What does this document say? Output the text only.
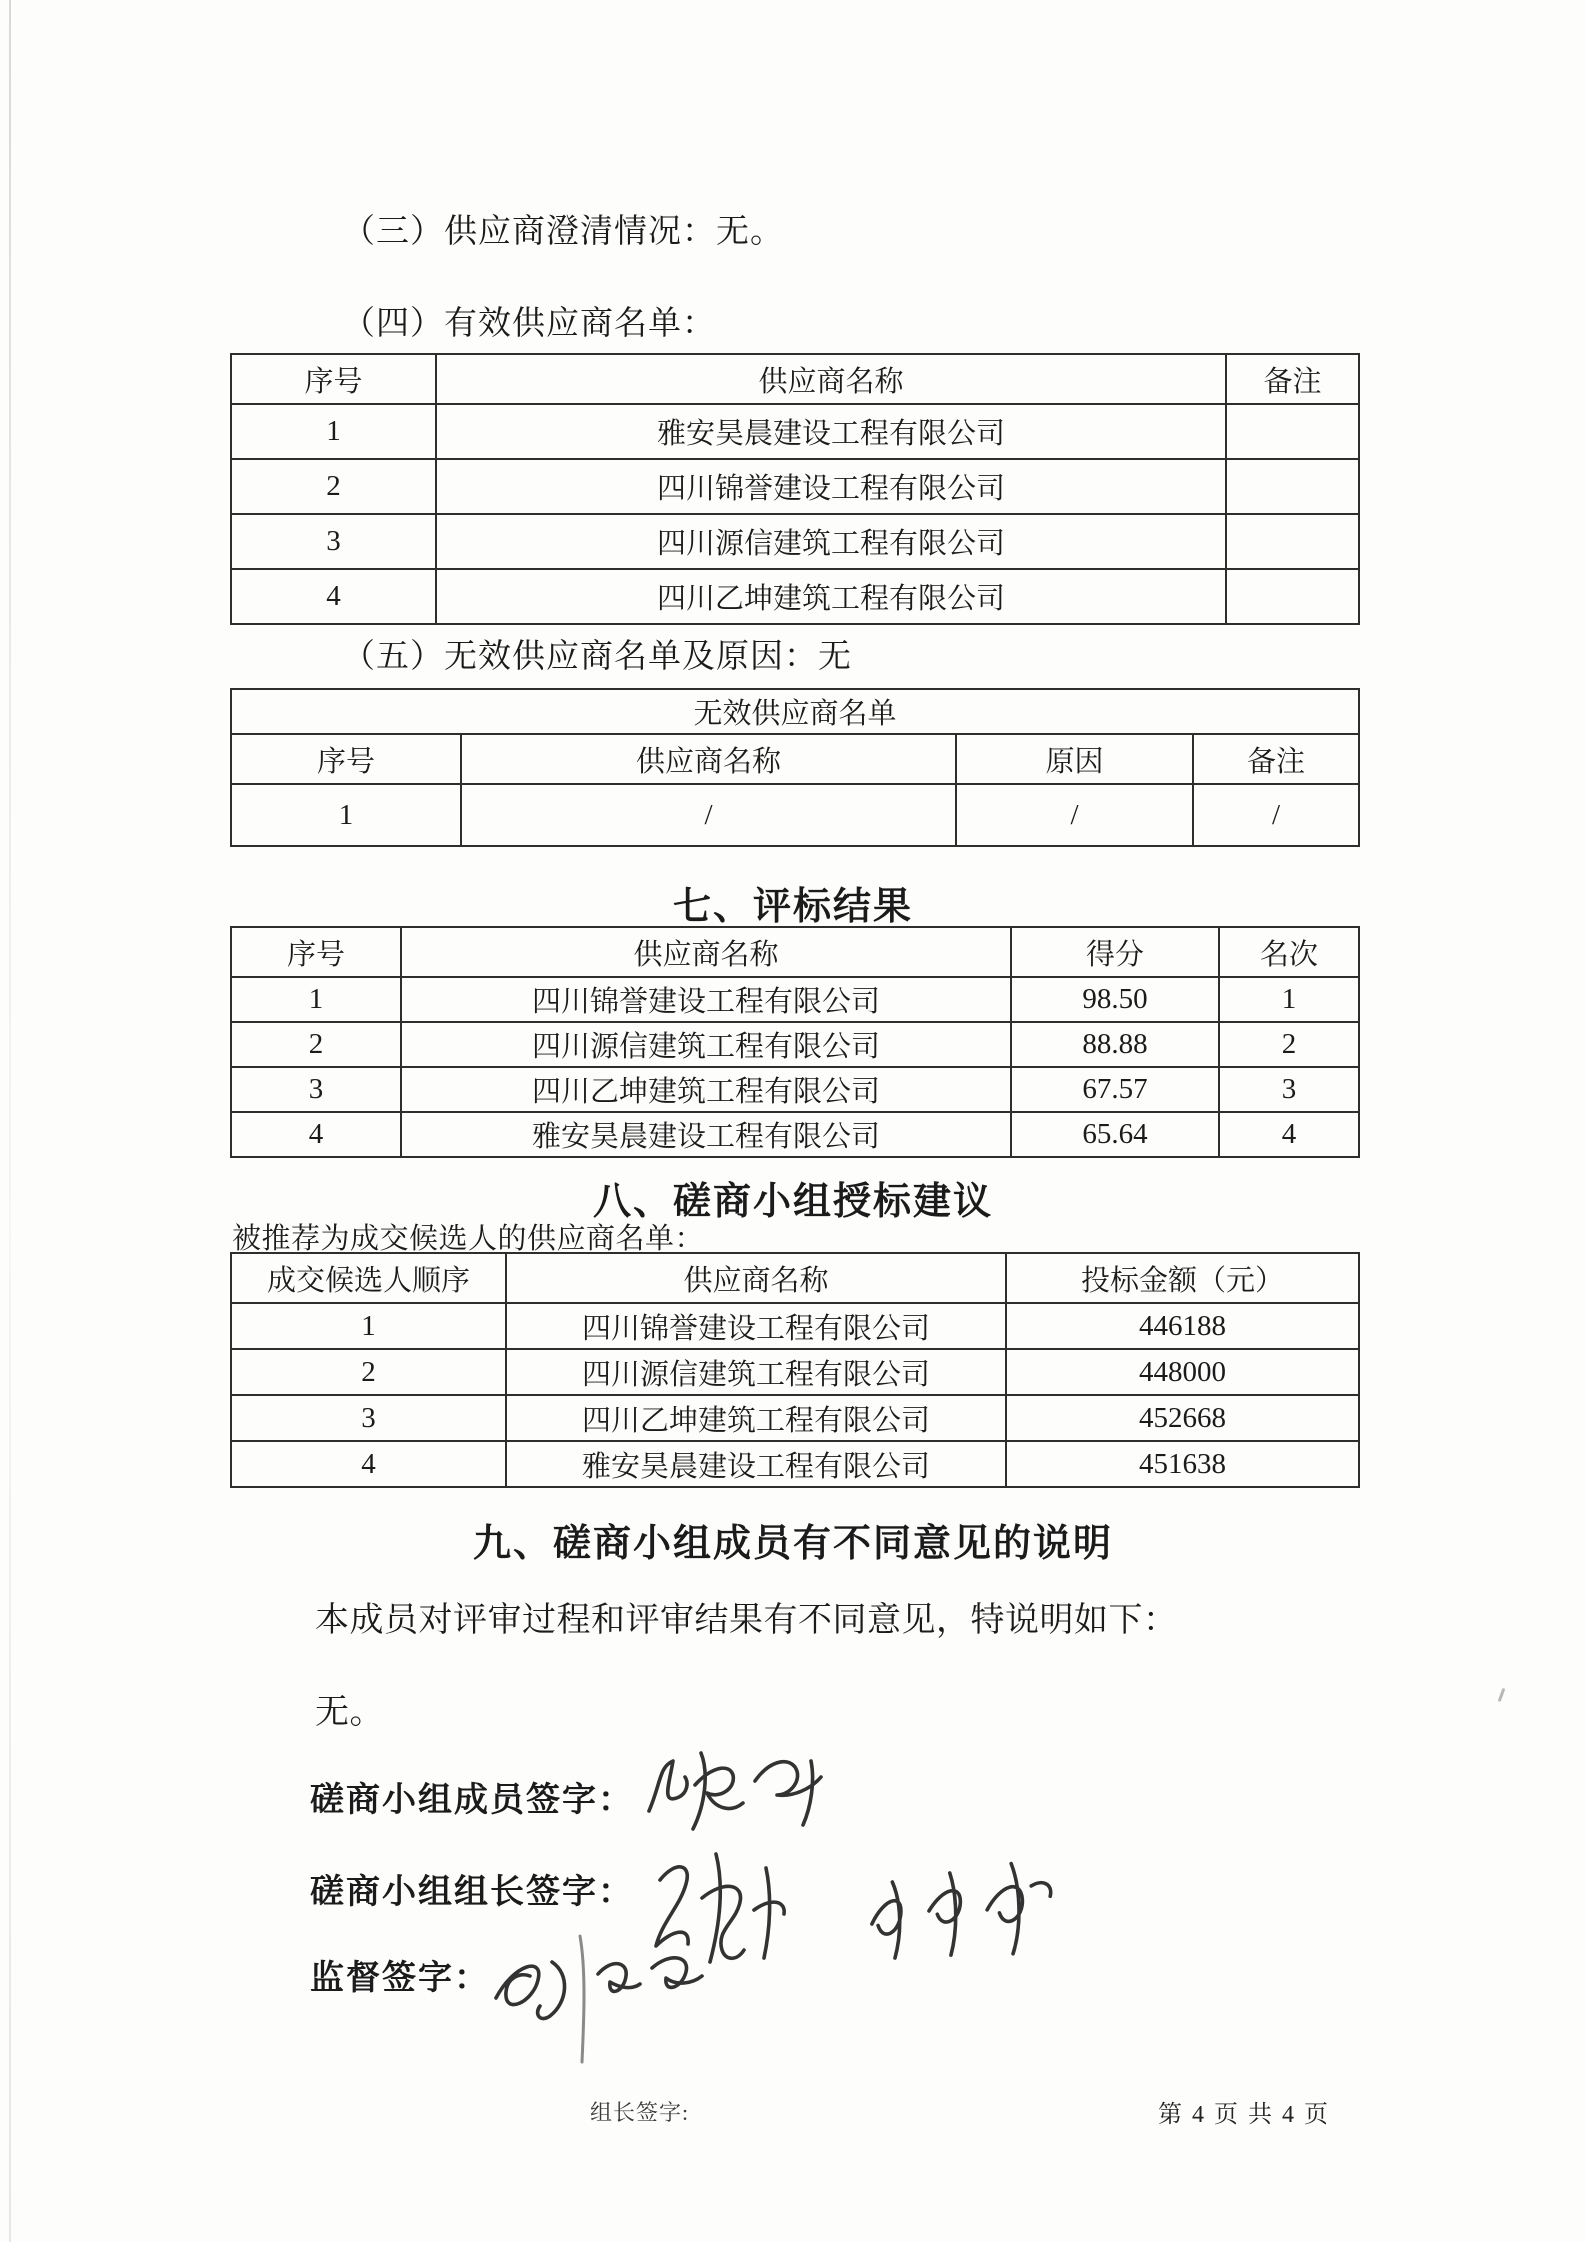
（三）供应商澄清情况：无。
（四）有效供应商名单：
序号	供应商名称	备注
1	雅安昊晨建设工程有限公司	
2	四川锦誉建设工程有限公司	
3	四川源信建筑工程有限公司	
4	四川乙坤建筑工程有限公司	
（五）无效供应商名单及原因：无
无效供应商名单			
序号	供应商名称	原因	备注
1	/	/	/
七、评标结果
序号	供应商名称	得分	名次
1	四川锦誉建设工程有限公司	98.50	1
2	四川源信建筑工程有限公司	88.88	2
3	四川乙坤建筑工程有限公司	67.57	3
4	雅安昊晨建设工程有限公司	65.64	4
八、磋商小组授标建议
被推荐为成交候选人的供应商名单：
成交候选人顺序	供应商名称	投标金额（元）
1	四川锦誉建设工程有限公司	446188
2	四川源信建筑工程有限公司	448000
3	四川乙坤建筑工程有限公司	452668
4	雅安昊晨建设工程有限公司	451638
九、磋商小组成员有不同意见的说明
本成员对评审过程和评审结果有不同意见，特说明如下：
无。
磋商小组成员签字：
磋商小组组长签字：
监督签字：
组长签字:	第 4 页 共 4 页
